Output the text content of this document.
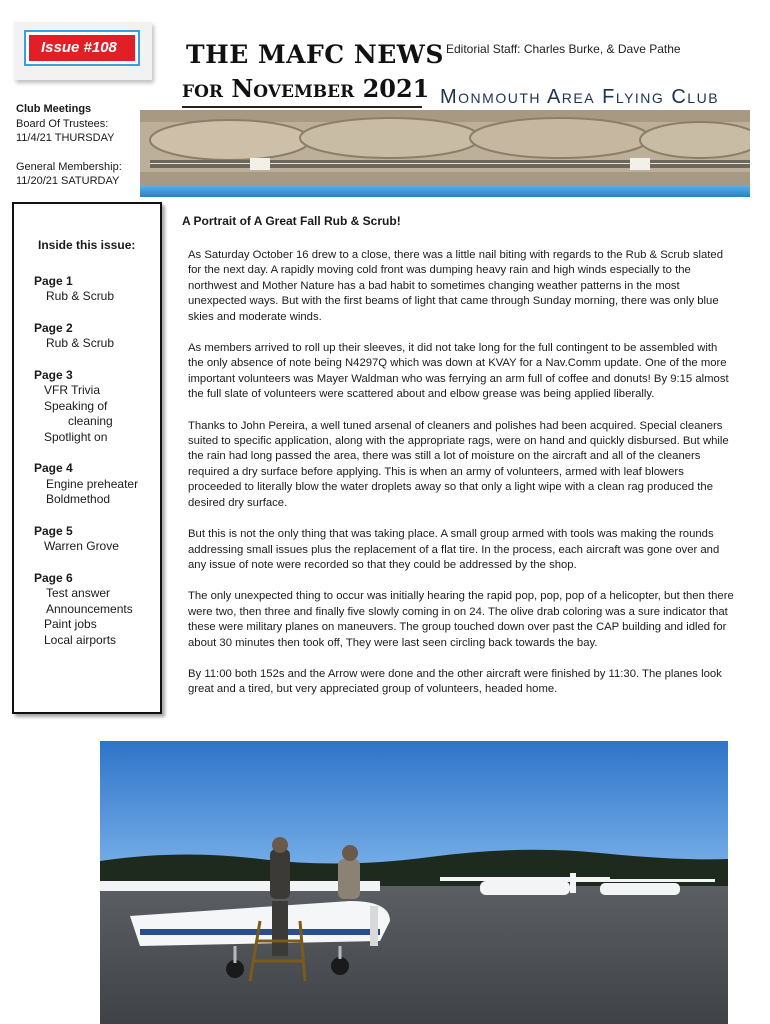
Issue #108	THE MAFC NEWS
for November 2021
Editorial Staff: Charles Burke, & Dave Pathe
Monmouth Area Flying Club
Club Meetings
Board Of Trustees:
11/4/21 THURSDAY
General Membership:
11/20/21 SATURDAY
Inside this issue:
Page 1
Rub & Scrub
Page 2
Rub & Scrub
Page 3
VFR Trivia
Speaking of
cleaning
Spotlight on
Page 4
Engine preheater
Boldmethod
Page 5
Warren Grove
Page 6
Test answer
Announcements
Paint jobs
Local airports
A Portrait of A Great Fall Rub & Scrub!

As Saturday October 16 drew to a close, there was a little nail biting with regards to the Rub & Scrub slated for the next day. A rapidly moving cold front was dumping heavy rain and high winds especially to the northwest and Mother Nature has a bad habit to sometimes changing weather patterns in the most unexpected ways. But with the first beams of light that came through Sunday morning, there was only blue skies and moderate winds.

As members arrived to roll up their sleeves, it did not take long for the full contingent to be assembled with the only absence of note being N4297Q which was down at KVAY for a Nav.Comm update. One of the more important volunteers was Mayer Waldman who was ferrying an arm full of coffee and donuts! By 9:15 almost the full slate of volunteers were scattered about and elbow grease was being applied liberally.

Thanks to John Pereira, a well tuned arsenal of cleaners and polishes had been acquired. Special cleaners suited to specific application, along with the appropriate rags, were on hand and quickly disbursed. But while the rain had long passed the area, there was still a lot of moisture on the aircraft and all of the cleaners required a dry surface before applying. This is when an army of volunteers, armed with leaf blowers proceeded to literally blow the water droplets away so that only a light wipe with a clean rag produced the desired dry surface.

But this is not the only thing that was taking place. A small group armed with tools was making the rounds addressing small issues plus the replacement of a flat tire. In the process, each aircraft was gone over and any issue of note were recorded so that they could be addressed by the shop.

The only unexpected thing to occur was initially hearing the rapid pop, pop, pop of a helicopter, but then there were two, then three and finally five slowly coming in on 24. The olive drab coloring was a sure indicator that these were military planes on maneuvers. The group touched down over past the CAP building and idled for about 30 minutes then took off, They were last seen circling back towards the bay.

By 11:00 both 152s and the Arrow were done and the other aircraft were finished by 11:30. The planes look great and a tired, but very appreciated group of volunteers, headed home.
